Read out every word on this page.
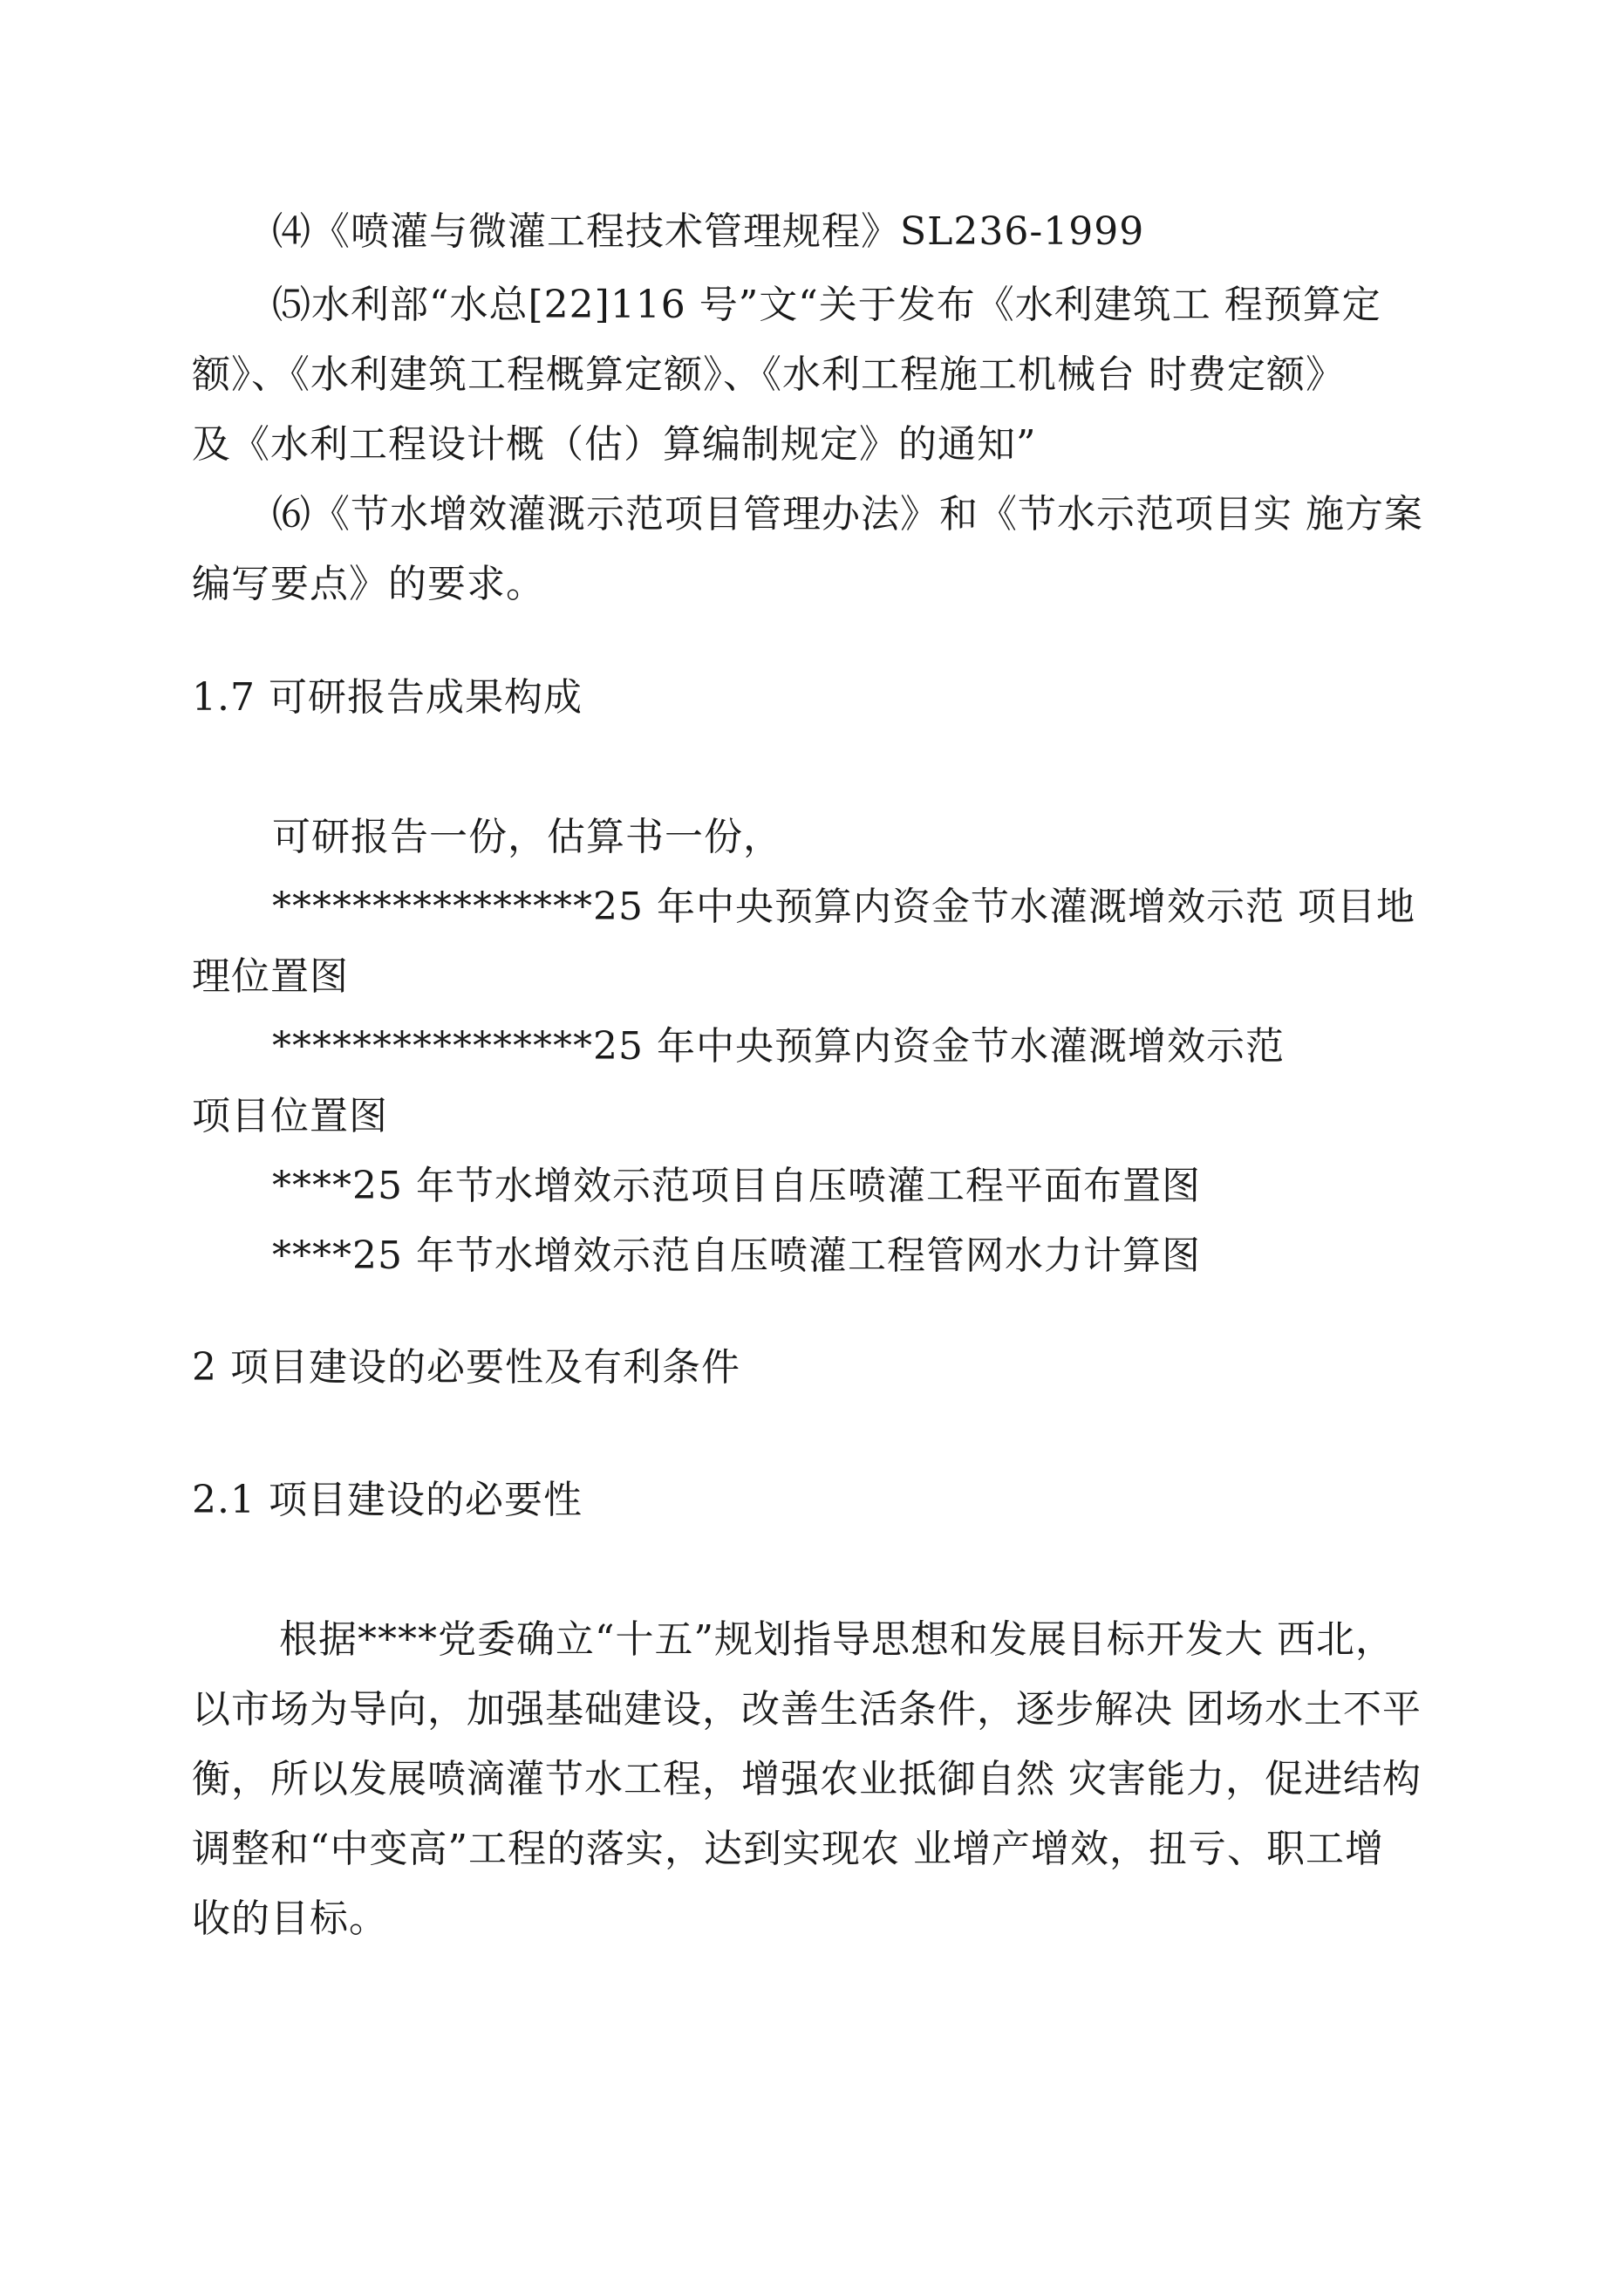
⑷《喷灌与微灌工程技术管理规程》SL236-1999
⑸水利部“水总[22]116 号”文“关于发布《水利建筑工 程预算定
额》、《水利建筑工程概算定额》、《水利工程施工机械台 时费定额》
及《水利工程设计概（估）算编制规定》的通知”
⑹《节水增效灌溉示范项目管理办法》和《节水示范项目实 施方案
编写要点》的要求。
1.7 可研报告成果构成
可研报告一份，估算书一份，
****************25 年中央预算内资金节水灌溉增效示范 项目地
理位置图
****************25 年中央预算内资金节水灌溉增效示范
项目位置图
****25 年节水增效示范项目自压喷灌工程平面布置图
****25 年节水增效示范自压喷灌工程管网水力计算图
2 项目建设的必要性及有利条件
2.1 项目建设的必要性
根据****党委确立“十五”规划指导思想和发展目标开发大 西北，
以市场为导向，加强基础建设，改善生活条件，逐步解决 团场水土不平
衡，所以发展喷滴灌节水工程，增强农业抵御自然 灾害能力，促进结构
调整和“中变高”工程的落实，达到实现农 业增产增效，扭亏、职工增
收的目标。
